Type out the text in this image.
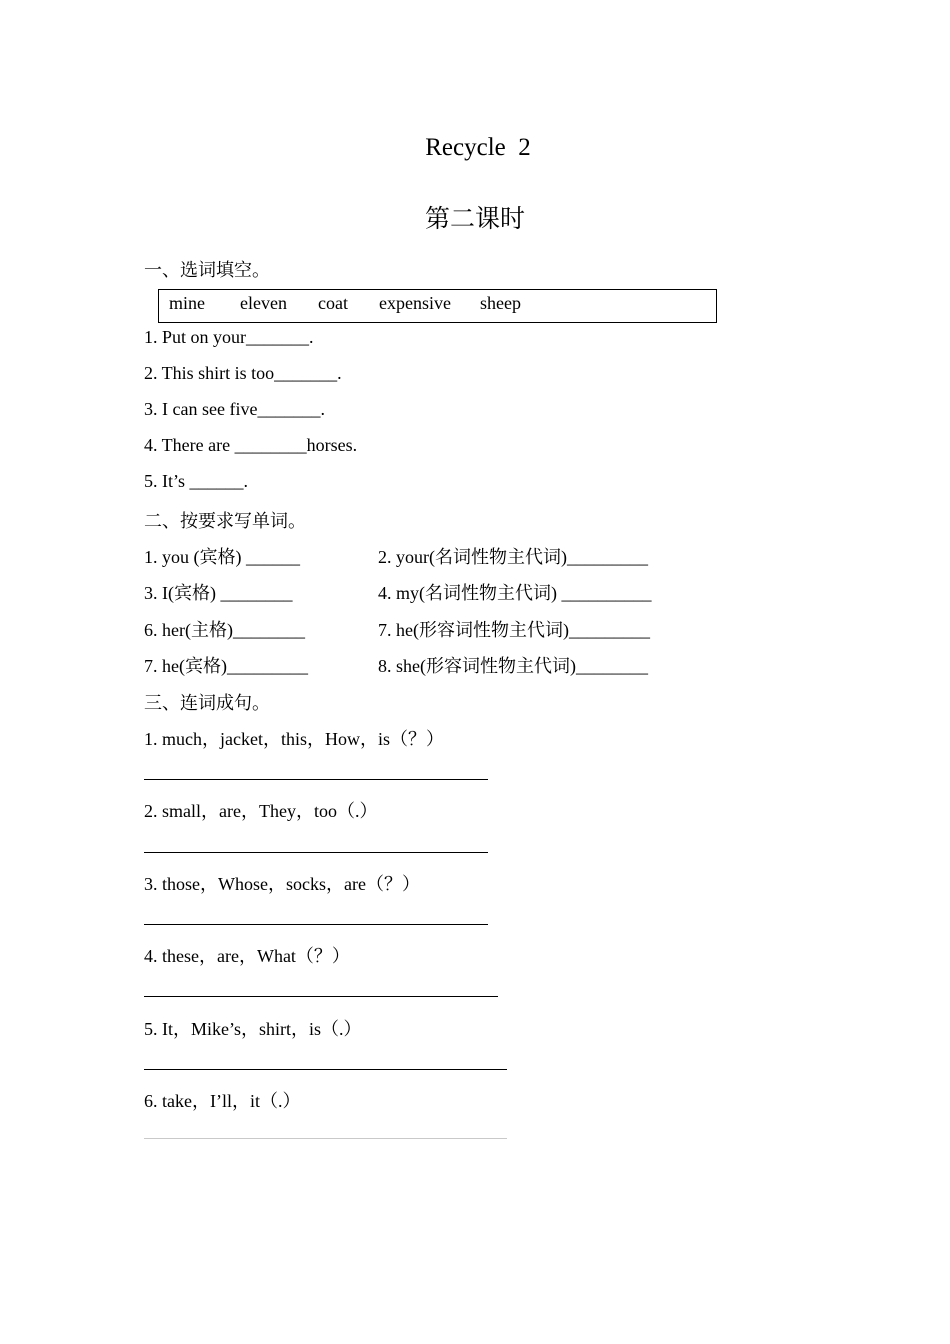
Recycle  2
第二课时
一、选词填空。
mine eleven coat expensive sheep
1. Put on your_______.
2. This shirt is too_______.
3. I can see five_______.
4. There are ________horses.
5. It’s ______.
二、按要求写单词。
1. you (宾格) ______	2. your(名词性物主代词)_________
3. I(宾格) ________	4. my(名词性物主代词) __________
6. her(主格)________	7. he(形容词性物主代词)_________
7. he(宾格)_________	8. she(形容词性物主代词)________
三、连词成句。
1. much，jacket，this，How，is（？）
2. small，are，They，too（.）
3. those，Whose，socks，are（？）
4. these，are，What（？）
5. It，Mike’s，shirt，is（.）
6. take，I’ll，it（.）
